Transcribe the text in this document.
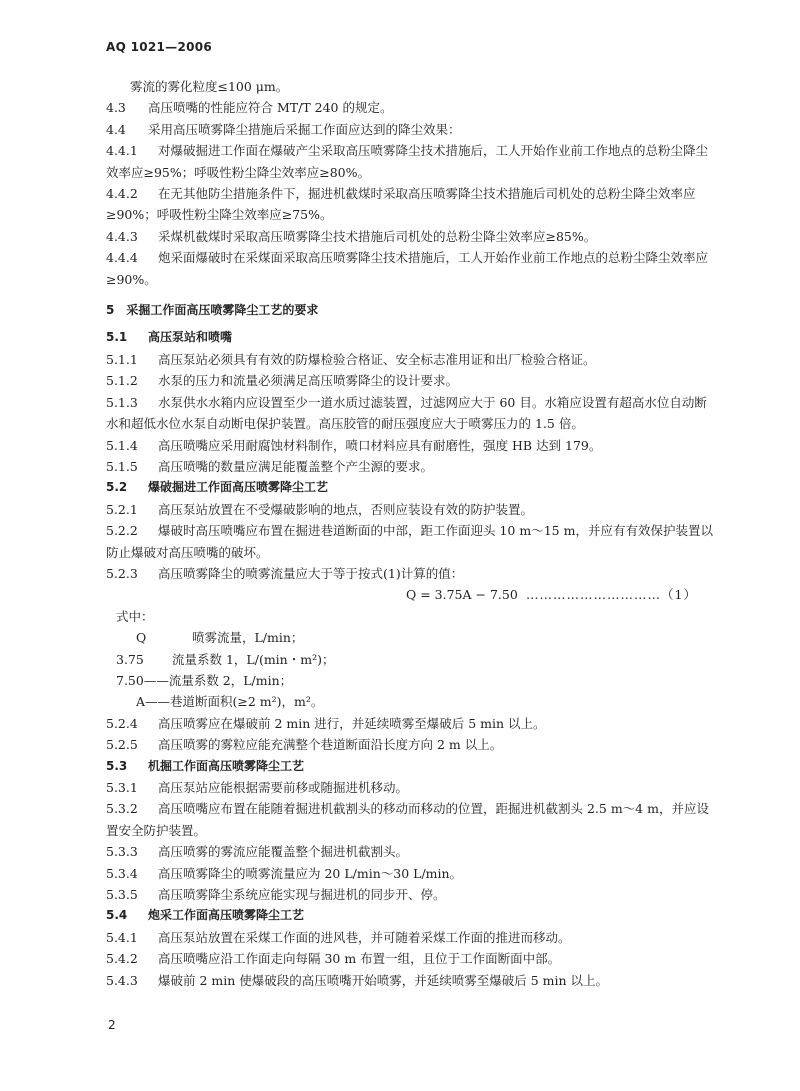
AQ 1021—2006
雾流的雾化粒度≤100 μm。
4.3 高压喷嘴的性能应符合 MT/T 240 的规定。
4.4 采用高压喷雾降尘措施后采掘工作面应达到的降尘效果：
4.4.1 对爆破掘进工作面在爆破产尘采取高压喷雾降尘技术措施后，工人开始作业前工作地点的总粉尘降尘效率应≥95%；呼吸性粉尘降尘效率应≥80%。
4.4.2 在无其他防尘措施条件下，掘进机截煤时采取高压喷雾降尘技术措施后司机处的总粉尘降尘效率应≥90%；呼吸性粉尘降尘效率应≥75%。
4.4.3 采煤机截煤时采取高压喷雾降尘技术措施后司机处的总粉尘降尘效率应≥85%。
4.4.4 炮采面爆破时在采煤面采取高压喷雾降尘技术措施后，工人开始作业前工作地点的总粉尘降尘效率应≥90%。
5　采掘工作面高压喷雾降尘工艺的要求
5.1 高压泵站和喷嘴
5.1.1 高压泵站必须具有有效的防爆检验合格证、安全标志准用证和出厂检验合格证。
5.1.2 水泵的压力和流量必须满足高压喷雾降尘的设计要求。
5.1.3 水泵供水水箱内应设置至少一道水质过滤装置，过滤网应大于 60 目。水箱应设置有超高水位自动断水和超低水位水泵自动断电保护装置。高压胶管的耐压强度应大于喷雾压力的 1.5 倍。
5.1.4 高压喷嘴应采用耐腐蚀材料制作，喷口材料应具有耐磨性，强度 HB 达到 179。
5.1.5 高压喷嘴的数量应满足能覆盖整个产尘源的要求。
5.2 爆破掘进工作面高压喷雾降尘工艺
5.2.1 高压泵站放置在不受爆破影响的地点，否则应装设有效的防护装置。
5.2.2 爆破时高压喷嘴应布置在掘进巷道断面的中部，距工作面迎头 10 m～15 m，并应有有效保护装置以防止爆破对高压喷嘴的破坏。
5.2.3 高压喷雾降尘的喷雾流量应大于等于按式(1)计算的值：
Q = 3.75A − 7.50 …………………………（1）
式中：
Q	喷雾流量，L/min；
3.75 流量系数 1，L/(min・m²)；
7.50——流量系数 2，L/min；
A——巷道断面积(≥2 m²)，m²。
5.2.4 高压喷雾应在爆破前 2 min 进行，并延续喷雾至爆破后 5 min 以上。
5.2.5 高压喷雾的雾粒应能充满整个巷道断面沿长度方向 2 m 以上。
5.3 机掘工作面高压喷雾降尘工艺
5.3.1 高压泵站应能根据需要前移或随掘进机移动。
5.3.2 高压喷嘴应布置在能随着掘进机截割头的移动而移动的位置，距掘进机截割头 2.5 m～4 m，并应设置安全防护装置。
5.3.3 高压喷雾的雾流应能覆盖整个掘进机截割头。
5.3.4 高压喷雾降尘的喷雾流量应为 20 L/min～30 L/min。
5.3.5 高压喷雾降尘系统应能实现与掘进机的同步开、停。
5.4 炮采工作面高压喷雾降尘工艺
5.4.1 高压泵站放置在采煤工作面的进风巷，并可随着采煤工作面的推进而移动。
5.4.2 高压喷嘴应沿工作面走向每隔 30 m 布置一组，且位于工作面断面中部。
5.4.3 爆破前 2 min 使爆破段的高压喷嘴开始喷雾，并延续喷雾至爆破后 5 min 以上。
2
